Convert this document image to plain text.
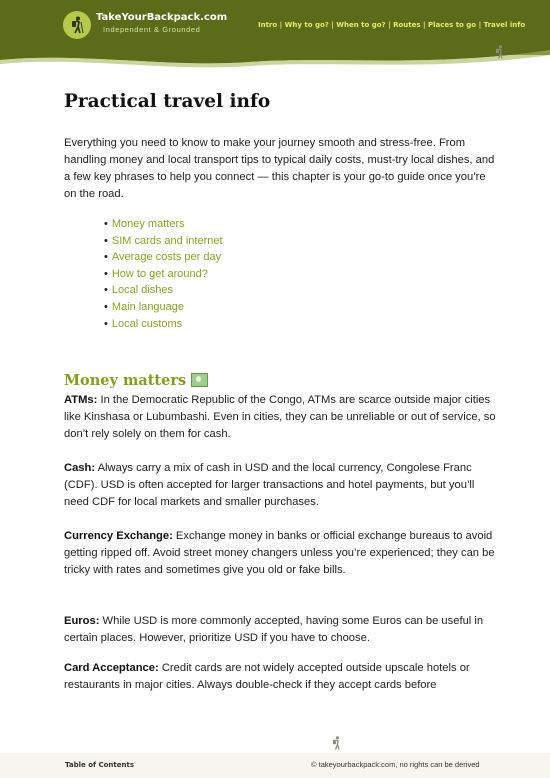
TakeYourBackpack.com
Independent & Grounded	Intro | Why to go? | When to go? | Routes | Places to go | Travel info
Practical travel info

Everything you need to know to make your journey smooth and stress-free. From handling money and local transport tips to typical daily costs, must-try local dishes, and a few key phrases to help you connect — this chapter is your go-to guide once you’re on the road.

• Money matters
• SIM cards and internet
• Average costs per day
• How to get around?
• Local dishes
• Main language
• Local customs
Money matters

ATMs: In the Democratic Republic of the Congo, ATMs are scarce outside major cities like Kinshasa or Lubumbashi. Even in cities, they can be unreliable or out of service, so don’t rely solely on them for cash.

Cash: Always carry a mix of cash in USD and the local currency, Congolese Franc (CDF). USD is often accepted for larger transactions and hotel payments, but you’ll need CDF for local markets and smaller purchases.

Currency Exchange: Exchange money in banks or official exchange bureaus to avoid getting ripped off. Avoid street money changers unless you’re experienced; they can be tricky with rates and sometimes give you old or fake bills.

Euros: While USD is more commonly accepted, having some Euros can be useful in certain places. However, prioritize USD if you have to choose.

Card Acceptance: Credit cards are not widely accepted outside upscale hotels or restaurants in major cities. Always double-check if they accept cards before

Table of Contents	© takeyourbackpack.com, no rights can be derived
